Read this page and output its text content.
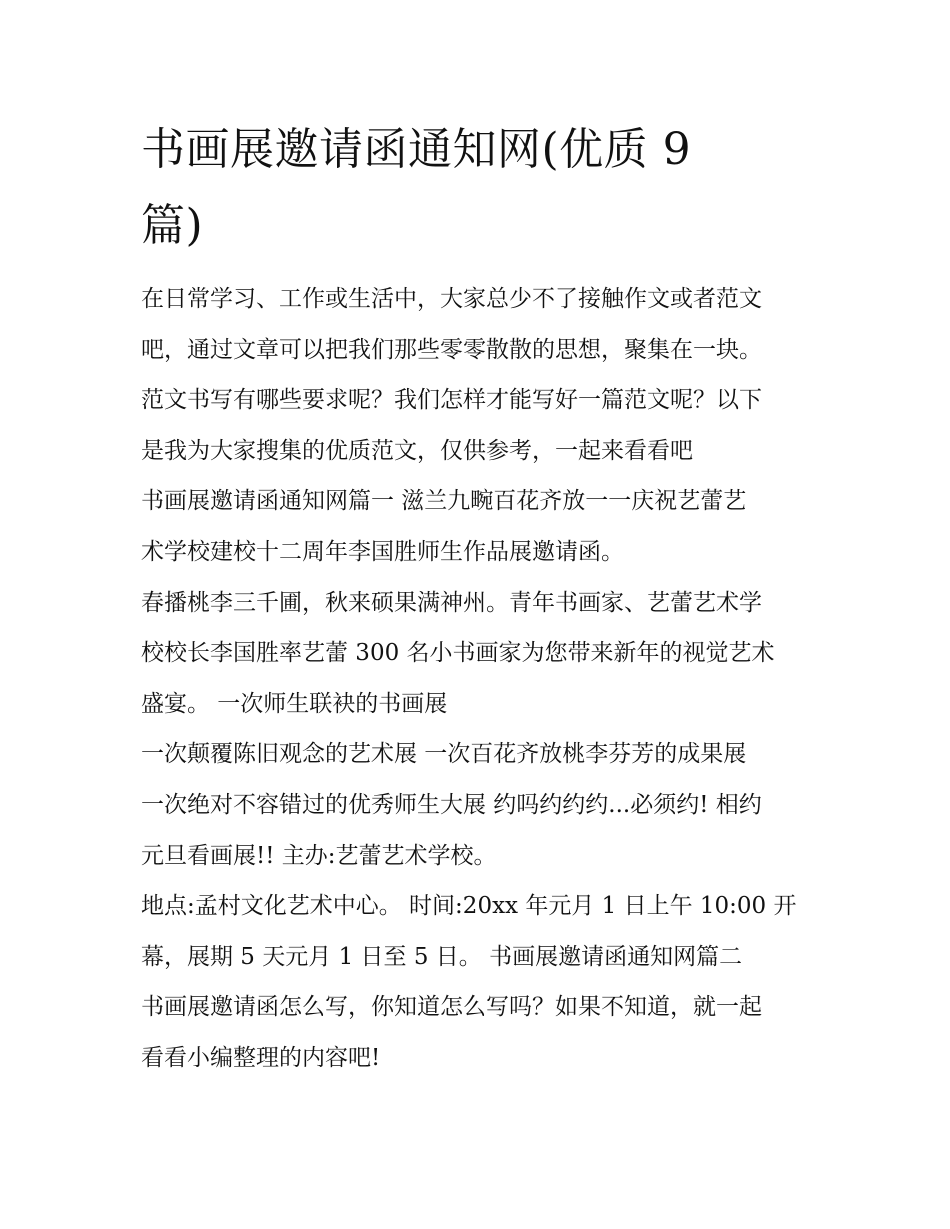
书画展邀请函通知网(优质 9
篇)
在日常学习、工作或生活中，大家总少不了接触作文或者范文
吧，通过文章可以把我们那些零零散散的思想，聚集在一块。
范文书写有哪些要求呢？我们怎样才能写好一篇范文呢？以下
是我为大家搜集的优质范文，仅供参考，一起来看看吧
书画展邀请函通知网篇一 滋兰九畹百花齐放一一庆祝艺蕾艺
术学校建校十二周年李国胜师生作品展邀请函。
春播桃李三千圃，秋来硕果满神州。青年书画家、艺蕾艺术学
校校长李国胜率艺蕾 300 名小书画家为您带来新年的视觉艺术
盛宴。 一次师生联袂的书画展
一次颠覆陈旧观念的艺术展 一次百花齐放桃李芬芳的成果展
一次绝对不容错过的优秀师生大展 约吗约约约...必须约! 相约
元旦看画展!! 主办:艺蕾艺术学校。
地点:孟村文化艺术中心。 时间:20xx 年元月 1 日上午 10:00 开
幕，展期 5 天元月 1 日至 5 日。 书画展邀请函通知网篇二
书画展邀请函怎么写，你知道怎么写吗？如果不知道，就一起
看看小编整理的内容吧!
